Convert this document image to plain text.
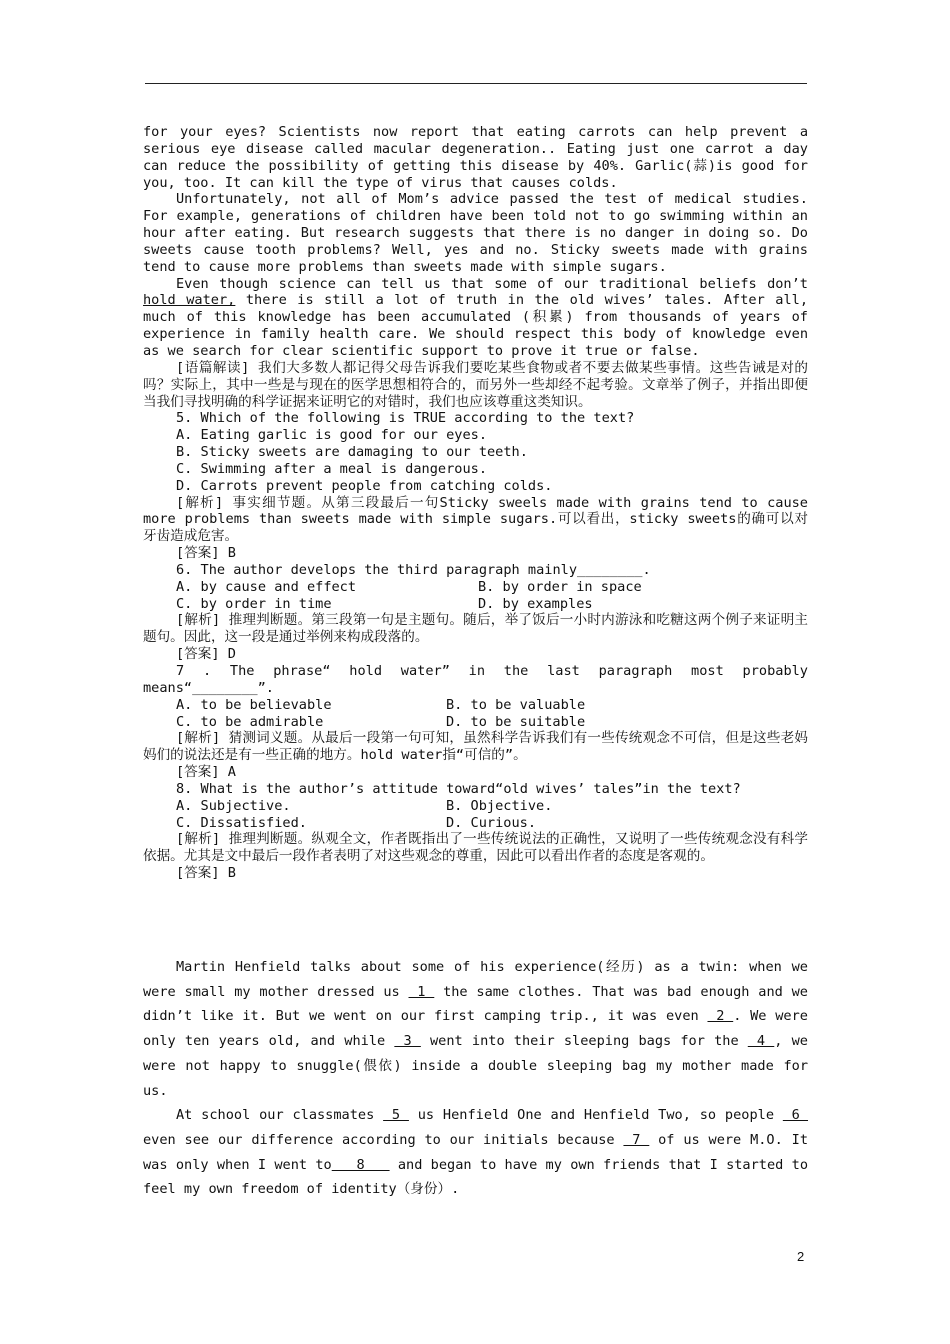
for your eyes? Scientists now report that eating carrots can help prevent a serious eye disease called macular degeneration.. Eating just one carrot a day can reduce the possibility of getting this disease by 40%. Garlic(蒜)is good for you, too. It can kill the type of virus that causes colds.

Unfortunately, not all of Mom’s advice passed the test of medical studies. For example, generations of children have been told not to go swimming within an hour after eating. But research suggests that there is no danger in doing so. Do sweets cause tooth problems? Well, yes and no. Sticky sweets made with grains tend to cause more problems than sweets made with simple sugars.

Even though science can tell us that some of our traditional beliefs don’t hold water, there is still a lot of truth in the old wives’ tales. After all, much of this knowledge has been accumulated (积累) from thousands of years of experience in family health care. We should respect this body of knowledge even as we search for clear scientific support to prove it true or false.

[语篇解读] 我们大多数人都记得父母告诉我们要吃某些食物或者不要去做某些事情。这些告诫是对的吗？实际上，其中一些是与现在的医学思想相符合的，而另外一些却经不起考验。文章举了例子，并指出即便当我们寻找明确的科学证据来证明它的对错时，我们也应该尊重这类知识。

5. Which of the following is TRUE according to the text?

A. Eating garlic is good for our eyes.
B. Sticky sweets are damaging to our teeth.
C. Swimming after a meal is dangerous.
D. Carrots prevent people from catching colds.

[解析] 事实细节题。从第三段最后一句Sticky sweels made with grains tend to cause more problems than sweets made with simple sugars.可以看出，sticky sweets的确可以对牙齿造成危害。

[答案] B

6. The author develops the third paragraph mainly________.

A. by cause and effect	B. by order in space
C. by order in time	D. by examples

[解析] 推理判断题。第三段第一句是主题句。随后，举了饭后一小时内游泳和吃糖这两个例子来证明主题句。因此，这一段是通过举例来构成段落的。

[答案] D

7 . The phrase“ hold water” in the last paragraph most probably means“________”.

A. to be believable	B. to be valuable
C. to be admirable	D. to be suitable

[解析] 猜测词义题。从最后一段第一句可知，虽然科学告诉我们有一些传统观念不可信，但是这些老妈妈们的说法还是有一些正确的地方。hold water指“可信的”。

[答案] A

8. What is the author’s attitude toward“old wives’ tales”in the text?

A. Subjective.	B. Objective.
C. Dissatisfied.	D. Curious.

[解析] 推理判断题。纵观全文，作者既指出了一些传统说法的正确性，又说明了一些传统观念没有科学依据。尤其是文中最后一段作者表明了对这些观念的尊重，因此可以看出作者的态度是客观的。

[答案] B

Martin Henfield talks about some of his experience(经历) as a twin: when we were small my mother dressed us  1  the same clothes. That was bad enough and we didn’t like it. But we went on our first camping trip., it was even  2 . We were only ten years old, and while  3  went into their sleeping bags for the  4 , we were not happy to snuggle(偎依) inside a double sleeping bag my mother made for us.

At school our classmates  5  us Henfield One and Henfield Two, so people  6  even see our difference according to our initials because  7  of us were M.O. It was only when I went to   8    and began to have my own friends that I started to feel my own freedom of identity（身份）.

2
